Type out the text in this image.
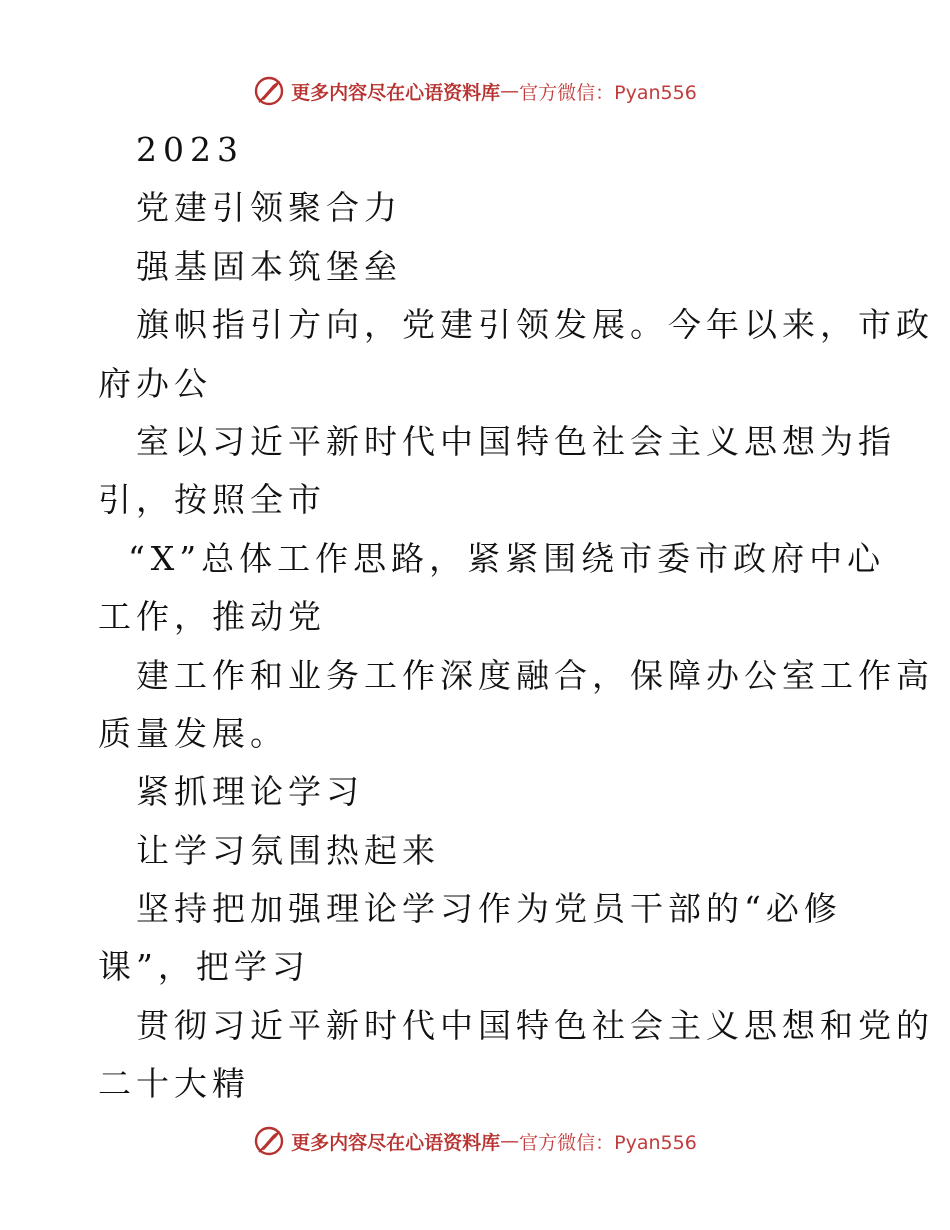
更多内容尽在心语资料库 — 官方微信：Pyan556
2023
党建引领聚合力
强基固本筑堡垒
旗帜指引方向，党建引领发展。今年以来，市政
府办公
室以习近平新时代中国特色社会主义思想为指
引，按照全市
“X”总体工作思路，紧紧围绕市委市政府中心
工作，推动党
建工作和业务工作深度融合，保障办公室工作高
质量发展。
紧抓理论学习
让学习氛围热起来
坚持把加强理论学习作为党员干部的“必修
课”，把学习
贯彻习近平新时代中国特色社会主义思想和党的
二十大精
更多内容尽在心语资料库 — 官方微信：Pyan556
